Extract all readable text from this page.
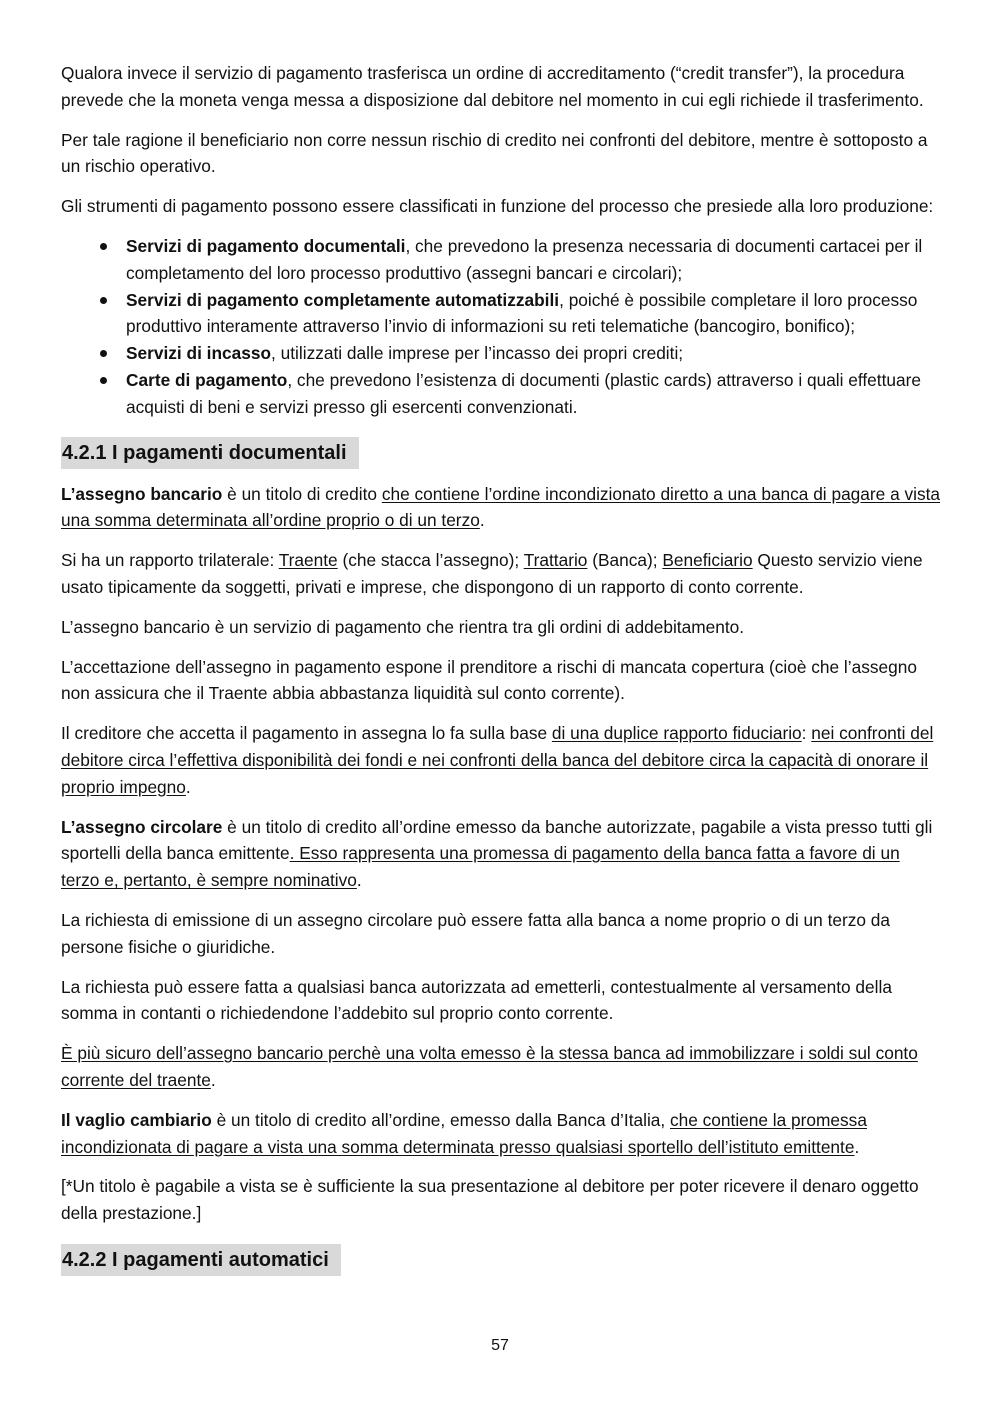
Qualora invece il servizio di pagamento trasferisca un ordine di accreditamento (“credit transfer”), la procedura prevede che la moneta venga messa a disposizione dal debitore nel momento in cui egli richiede il trasferimento.

Per tale ragione il beneficiario non corre nessun rischio di credito nei confronti del debitore, mentre è sottoposto a un rischio operativo.

Gli strumenti di pagamento possono essere classificati in funzione del processo che presiede alla loro produzione:

Servizi di pagamento documentali, che prevedono la presenza necessaria di documenti cartacei per il completamento del loro processo produttivo (assegni bancari e circolari);
Servizi di pagamento completamente automatizzabili, poiché è possibile completare il loro processo produttivo interamente attraverso l’invio di informazioni su reti telematiche (bancogiro, bonifico);
Servizi di incasso, utilizzati dalle imprese per l’incasso dei propri crediti;
Carte di pagamento, che prevedono l’esistenza di documenti (plastic cards) attraverso i quali effettuare acquisti di beni e servizi presso gli esercenti convenzionati.
4.2.1 I pagamenti documentali

L’assegno bancario è un titolo di credito che contiene l’ordine incondizionato diretto a una banca di pagare a vista una somma determinata all’ordine proprio o di un terzo.

Si ha un rapporto trilaterale: Traente (che stacca l’assegno); Trattario (Banca); Beneficiario Questo servizio viene usato tipicamente da soggetti, privati e imprese, che dispongono di un rapporto di conto corrente.

L’assegno bancario è un servizio di pagamento che rientra tra gli ordini di addebitamento.

L’accettazione dell’assegno in pagamento espone il prenditore a rischi di mancata copertura (cioè che l’assegno non assicura che il Traente abbia abbastanza liquidità sul conto corrente).

Il creditore che accetta il pagamento in assegna lo fa sulla base di una duplice rapporto fiduciario: nei confronti del debitore circa l’effettiva disponibilità dei fondi e nei confronti della banca del debitore circa la capacità di onorare il proprio impegno.

L’assegno circolare è un titolo di credito all’ordine emesso da banche autorizzate, pagabile a vista presso tutti gli sportelli della banca emittente. Esso rappresenta una promessa di pagamento della banca fatta a favore di un terzo e, pertanto, è sempre nominativo.

La richiesta di emissione di un assegno circolare può essere fatta alla banca a nome proprio o di un terzo da persone fisiche o giuridiche.

La richiesta può essere fatta a qualsiasi banca autorizzata ad emetterli, contestualmente al versamento della somma in contanti o richiedendone l’addebito sul proprio conto corrente.

È più sicuro dell’assegno bancario perchè una volta emesso è la stessa banca ad immobilizzare i soldi sul conto corrente del traente.

Il vaglio cambiario è un titolo di credito all’ordine, emesso dalla Banca d’Italia, che contiene la promessa incondizionata di pagare a vista una somma determinata presso qualsiasi sportello dell’istituto emittente.

[*Un titolo è pagabile a vista se è sufficiente la sua presentazione al debitore per poter ricevere il denaro oggetto della prestazione.]

4.2.2 I pagamenti automatici
57
